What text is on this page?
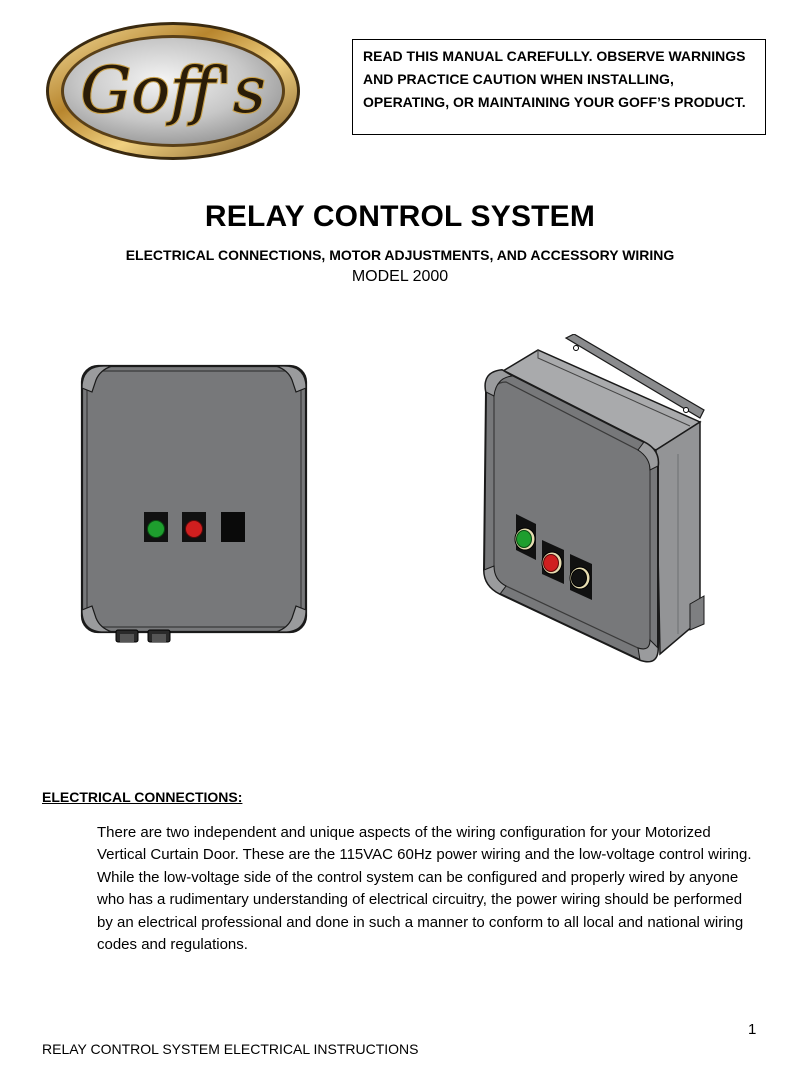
Goff's	READ THIS MANUAL CAREFULLY. OBSERVE WARNINGS AND PRACTICE CAUTION WHEN INSTALLING, OPERATING, OR MAINTAINING YOUR GOFF’S PRODUCT.
RELAY CONTROL SYSTEM
ELECTRICAL CONNECTIONS, MOTOR ADJUSTMENTS, AND ACCESSORY WIRING
MODEL 2000
ELECTRICAL CONNECTIONS:
There are two independent and unique aspects of the wiring configuration for your Motorized Vertical Curtain Door. These are the 115VAC 60Hz power wiring and the low-voltage control wiring. While the low-voltage side of the control system can be configured and properly wired by anyone who has a rudimentary understanding of electrical circuitry, the power wiring should be performed by an electrical professional and done in such a manner to conform to all local and national wiring codes and regulations.
1
RELAY CONTROL SYSTEM ELECTRICAL INSTRUCTIONS
